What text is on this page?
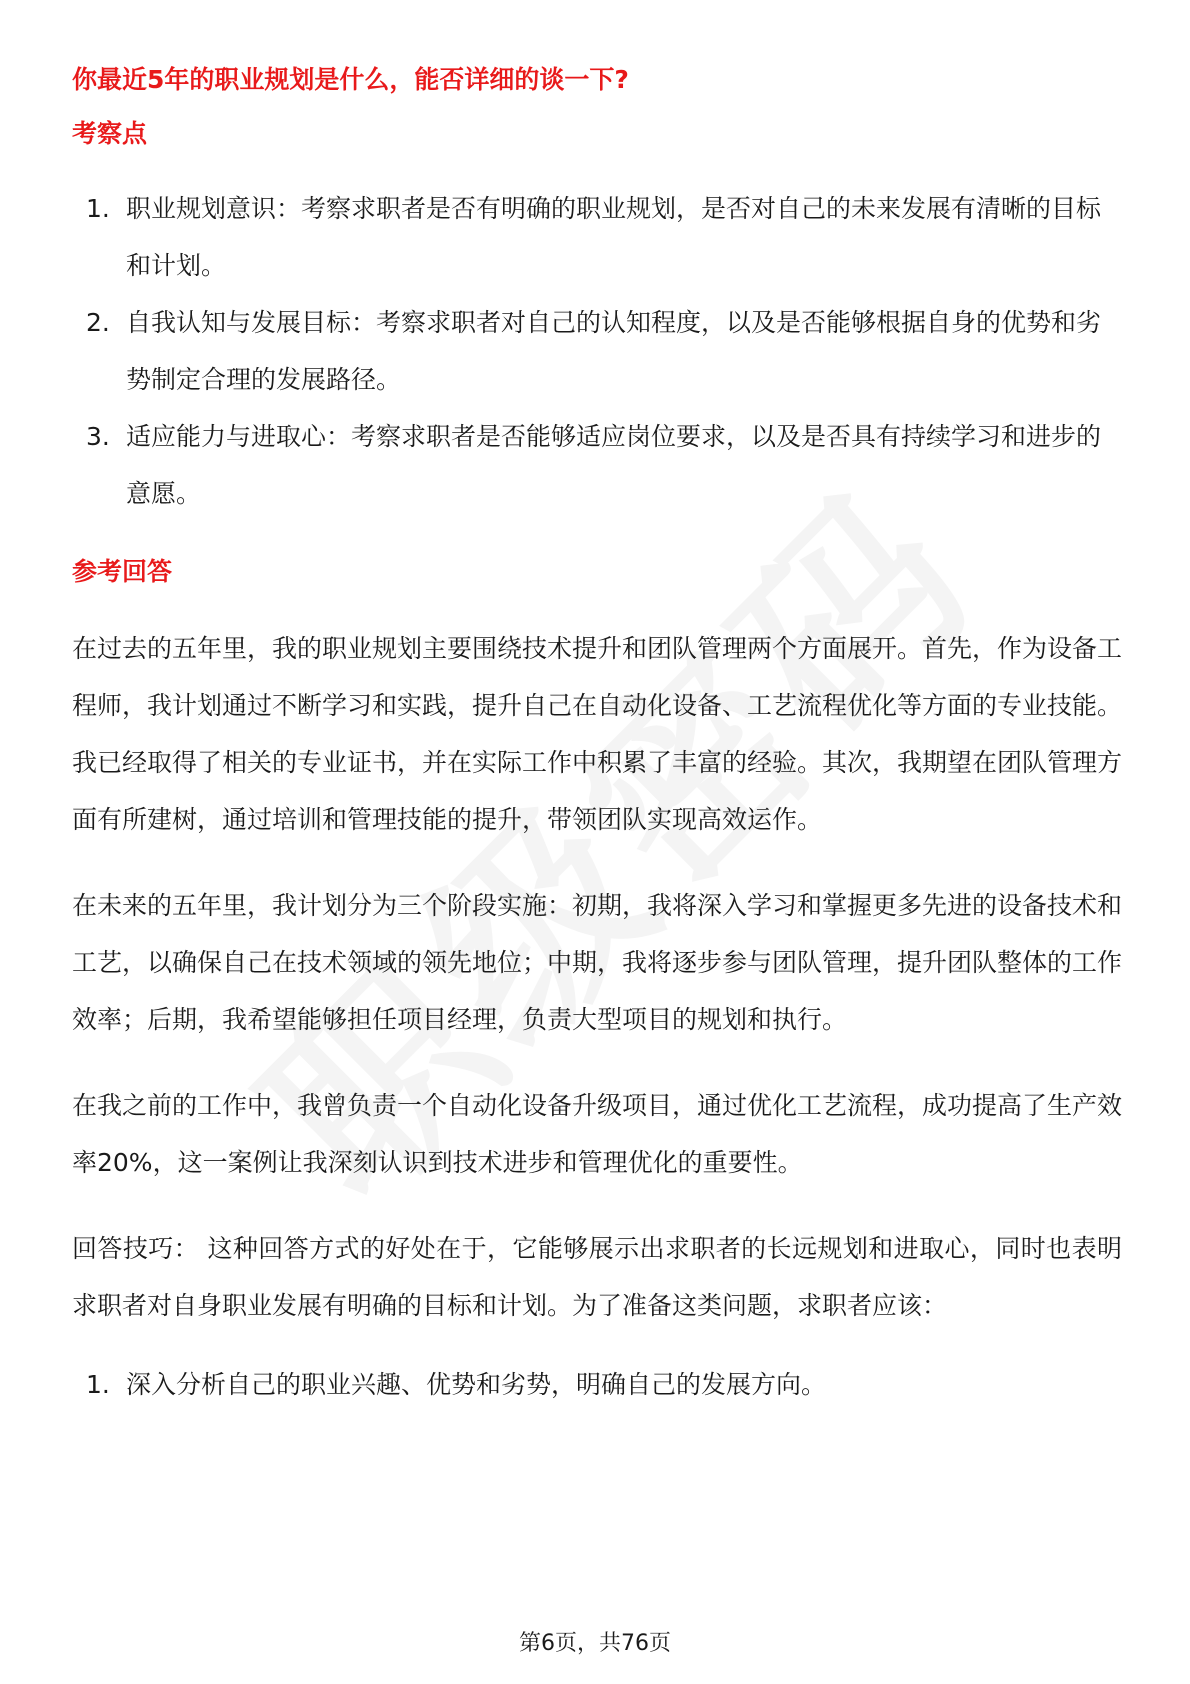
你最近5年的职业规划是什么，能否详细的谈一下?
考察点
1. 职业规划意识：考察求职者是否有明确的职业规划，是否对自己的未来发展有清晰的目标和计划。
2. 自我认知与发展目标：考察求职者对自己的认知程度，以及是否能够根据自身的优势和劣势制定合理的发展路径。
3. 适应能力与进取心：考察求职者是否能够适应岗位要求，以及是否具有持续学习和进步的意愿。
参考回答

在过去的五年里，我的职业规划主要围绕技术提升和团队管理两个方面展开。首先，作为设备工程师，我计划通过不断学习和实践，提升自己在自动化设备、工艺流程优化等方面的专业技能。我已经取得了相关的专业证书，并在实际工作中积累了丰富的经验。其次，我期望在团队管理方面有所建树，通过培训和管理技能的提升，带领团队实现高效运作。

在未来的五年里，我计划分为三个阶段实施：初期，我将深入学习和掌握更多先进的设备技术和工艺，以确保自己在技术领域的领先地位；中期，我将逐步参与团队管理，提升团队整体的工作效率；后期，我希望能够担任项目经理，负责大型项目的规划和执行。

在我之前的工作中，我曾负责一个自动化设备升级项目，通过优化工艺流程，成功提高了生产效率20%，这一案例让我深刻认识到技术进步和管理优化的重要性。

回答技巧： 这种回答方式的好处在于，它能够展示出求职者的长远规划和进取心，同时也表明求职者对自身职业发展有明确的目标和计划。为了准备这类问题，求职者应该：

1. 深入分析自己的职业兴趣、优势和劣势，明确自己的发展方向。
第6页，共76页
